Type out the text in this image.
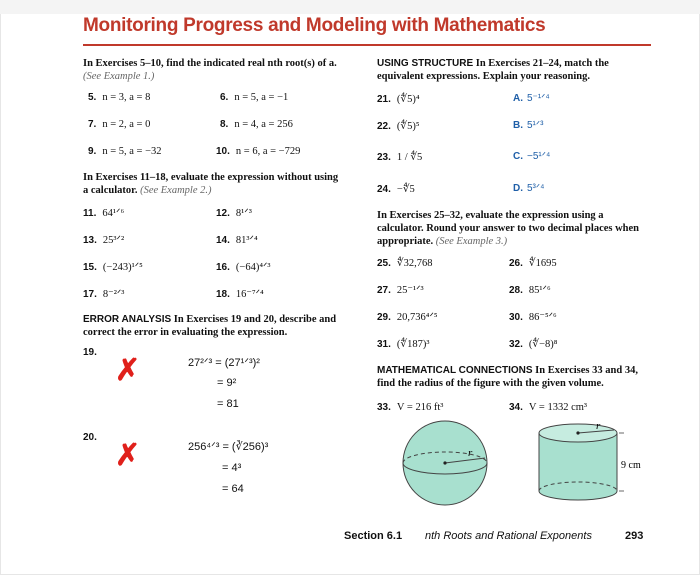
Monitoring Progress and Modeling with Mathematics
In Exercises 5–10, find the indicated real nth root(s) of a. (See Example 1.)
5. n = 3, a = 8	6. n = 5, a = −1
7. n = 2, a = 0	8. n = 4, a = 256
9. n = 5, a = −32	10. n = 6, a = −729
In Exercises 11–18, evaluate the expression without using a calculator. (See Example 2.)
11. 64¹ᐟ⁶	12. 8¹ᐟ³
13. 25³ᐟ²	14. 81³ᐟ⁴
15. (−243)¹ᐟ⁵	16. (−64)⁴ᐟ³
17. 8⁻²ᐟ³	18. 16⁻⁷ᐟ⁴
ERROR ANALYSIS In Exercises 19 and 20, describe and correct the error in evaluating the expression.
19.
✗	27²ᐟ³ = (27¹ᐟ³)²
= 9²
= 81
20.
✗	256⁴ᐟ³ = (∛256)³
= 4³
= 64
USING STRUCTURE In Exercises 21–24, match the equivalent expressions. Explain your reasoning.
21. (∜5)⁴	A. 5⁻¹ᐟ⁴
22. (∜5)⁵	B. 5¹ᐟ³
23. 1 / ∜5	C. −5¹ᐟ⁴
24. −∜5	D. 5³ᐟ⁴
In Exercises 25–32, evaluate the expression using a calculator. Round your answer to two decimal places when appropriate. (See Example 3.)
25. ∜32,768	26. ∜1695
27. 25⁻¹ᐟ³	28. 85¹ᐟ⁶
29. 20,736⁴ᐟ⁵	30. 86⁻⁵ᐟ⁶
31. (∜187)³	32. (∜−8)⁸
MATHEMATICAL CONNECTIONS In Exercises 33 and 34, find the radius of the figure with the given volume.
33. V = 216 ft³	34. V = 1332 cm³
r
r
9 cm
Section 6.1 nth Roots and Rational Exponents	293
